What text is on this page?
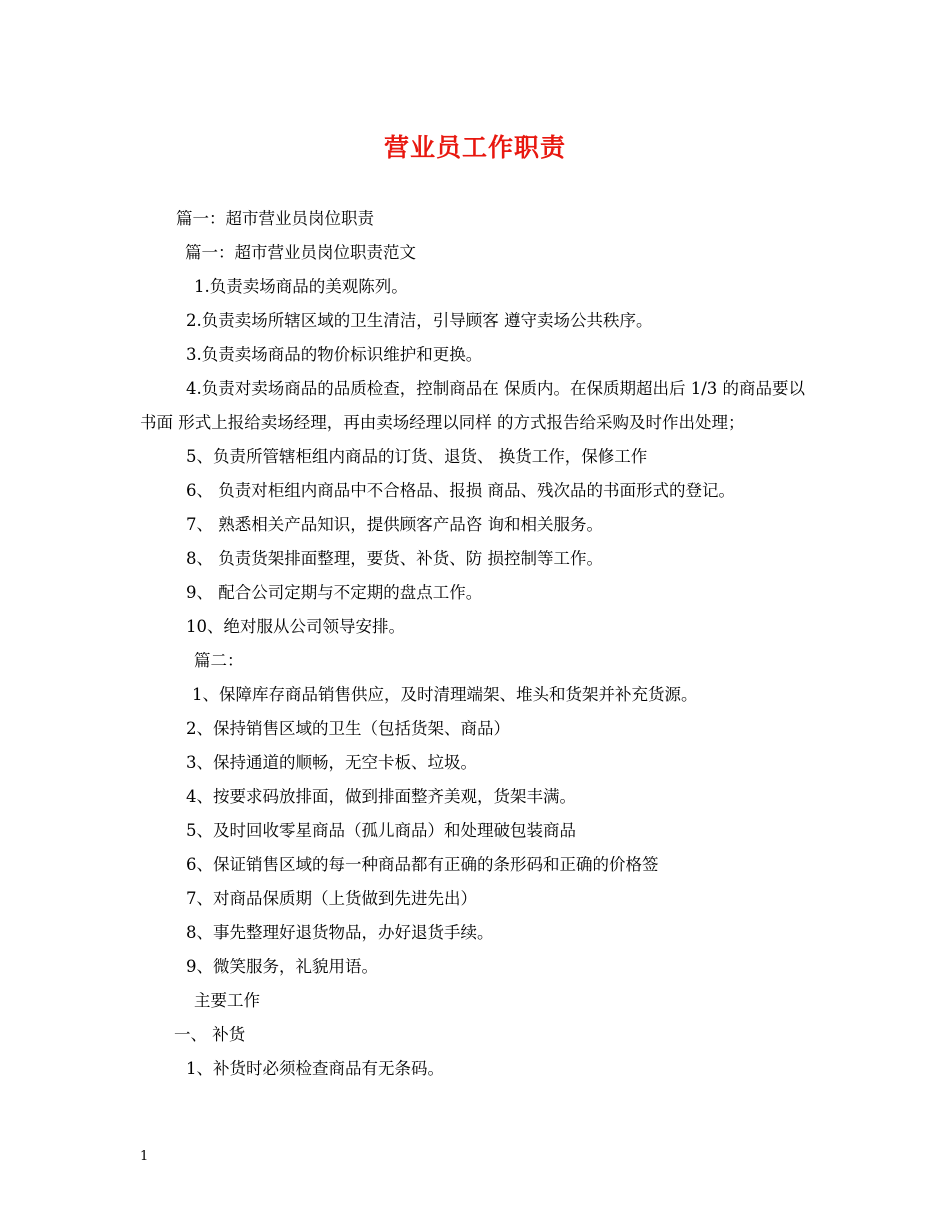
营业员工作职责

篇一：超市营业员岗位职责

篇一：超市营业员岗位职责范文

1.负责卖场商品的美观陈列。

2.负责卖场所辖区域的卫生清洁，引导顾客 遵守卖场公共秩序。

3.负责卖场商品的物价标识维护和更换。

4.负责对卖场商品的品质检查，控制商品在 保质内。在保质期超出后 1/3 的商品要以书面 形式上报给卖场经理，再由卖场经理以同样 的方式报告给采购及时作出处理；

5、负责所管辖柜组内商品的订货、退货、 换货工作，保修工作

6、 负责对柜组内商品中不合格品、报损 商品、残次品的书面形式的登记。

7、 熟悉相关产品知识，提供顾客产品咨 询和相关服务。

8、 负责货架排面整理，要货、补货、防 损控制等工作。

9、 配合公司定期与不定期的盘点工作。

10、绝对服从公司领导安排。

篇二：

1、保障库存商品销售供应，及时清理端架、堆头和货架并补充货源。

2、保持销售区域的卫生（包括货架、商品）

3、保持通道的顺畅，无空卡板、垃圾。

4、按要求码放排面，做到排面整齐美观，货架丰满。

5、及时回收零星商品（孤儿商品）和处理破包装商品

6、保证销售区域的每一种商品都有正确的条形码和正确的价格签

7、对商品保质期（上货做到先进先出）

8、事先整理好退货物品，办好退货手续。

9、微笑服务，礼貌用语。

主要工作

一、 补货

1、补货时必须检查商品有无条码。

1
